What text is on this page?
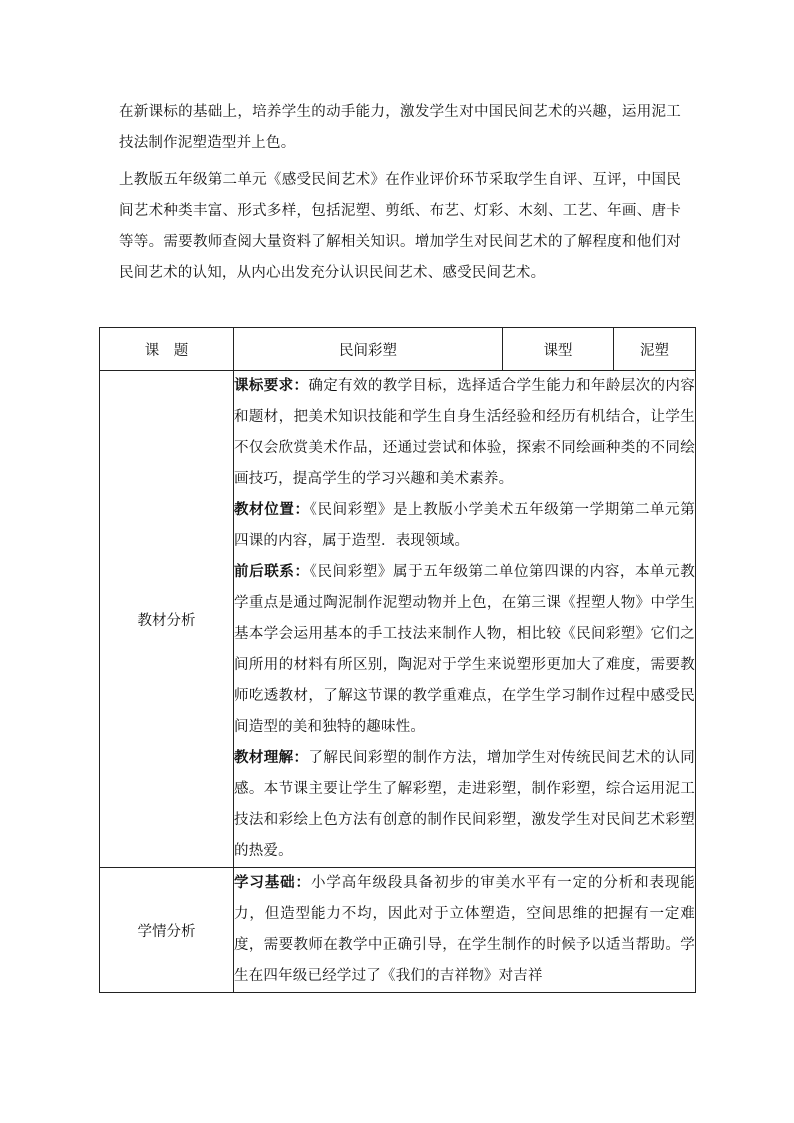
在新课标的基础上，培养学生的动手能力，激发学生对中国民间艺术的兴趣，运用泥工技法制作泥塑造型并上色。

上教版五年级第二单元《感受民间艺术》在作业评价环节采取学生自评、互评，中国民间艺术种类丰富、形式多样，包括泥塑、剪纸、布艺、灯彩、木刻、工艺、年画、唐卡等等。需要教师查阅大量资料了解相关知识。增加学生对民间艺术的了解程度和他们对民间艺术的认知，从内心出发充分认识民间艺术、感受民间艺术。

课　题	民间彩塑	课型	泥塑
教材分析	课标要求：确定有效的教学目标，选择适合学生能力和年龄层次的内容和题材，把美术知识技能和学生自身生活经验和经历有机结合，让学生不仅会欣赏美术作品，还通过尝试和体验，探索不同绘画种类的不同绘画技巧，提高学生的学习兴趣和美术素养。

教材位置：《民间彩塑》是上教版小学美术五年级第一学期第二单元第四课的内容，属于造型．表现领域。

前后联系：《民间彩塑》属于五年级第二单位第四课的内容，本单元教学重点是通过陶泥制作泥塑动物并上色，在第三课《捏塑人物》中学生基本学会运用基本的手工技法来制作人物，相比较《民间彩塑》它们之间所用的材料有所区别，陶泥对于学生来说塑形更加大了难度，需要教师吃透教材，了解这节课的教学重难点，在学生学习制作过程中感受民间造型的美和独特的趣味性。

教材理解：了解民间彩塑的制作方法，增加学生对传统民间艺术的认同感。本节课主要让学生了解彩塑，走进彩塑，制作彩塑，综合运用泥工技法和彩绘上色方法有创意的制作民间彩塑，激发学生对民间艺术彩塑的热爱。		

学情分析	学习基础：小学高年级段具备初步的审美水平有一定的分析和表现能力，但造型能力不均，因此对于立体塑造，空间思维的把握有一定难度，需要教师在教学中正确引导，在学生制作的时候予以适当帮助。学生在四年级已经学过了《我们的吉祥物》对吉祥		
